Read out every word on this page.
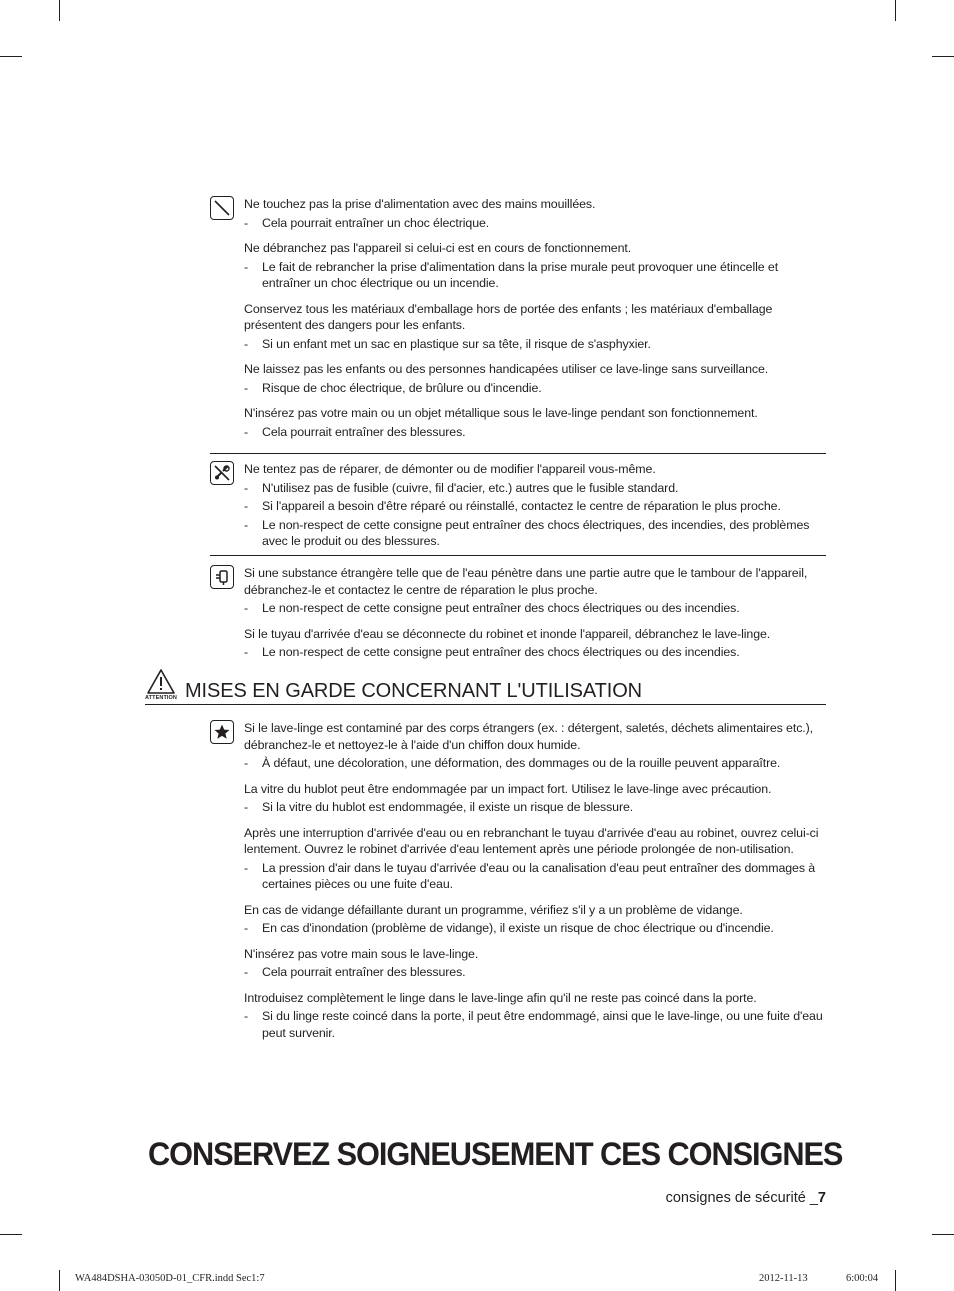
Ne touchez pas la prise d'alimentation avec des mains mouillées.
- Cela pourrait entraîner un choc électrique.
Ne débranchez pas l'appareil si celui-ci est en cours de fonctionnement.
- Le fait de rebrancher la prise d'alimentation dans la prise murale peut provoquer une étincelle et entraîner un choc électrique ou un incendie.
Conservez tous les matériaux d'emballage hors de portée des enfants ; les matériaux d'emballage présentent des dangers pour les enfants.
- Si un enfant met un sac en plastique sur sa tête, il risque de s'asphyxier.
Ne laissez pas les enfants ou des personnes handicapées utiliser ce lave-linge sans surveillance.
- Risque de choc électrique, de brûlure ou d'incendie.
N'insérez pas votre main ou un objet métallique sous le lave-linge pendant son fonctionnement.
- Cela pourrait entraîner des blessures.
Ne tentez pas de réparer, de démonter ou de modifier l'appareil vous-même.
- N'utilisez pas de fusible (cuivre, fil d'acier, etc.) autres que le fusible standard.
- Si l'appareil a besoin d'être réparé ou réinstallé, contactez le centre de réparation le plus proche.
- Le non-respect de cette consigne peut entraîner des chocs électriques, des incendies, des problèmes avec le produit ou des blessures.
Si une substance étrangère telle que de l'eau pénètre dans une partie autre que le tambour de l'appareil, débranchez-le et contactez le centre de réparation le plus proche.
- Le non-respect de cette consigne peut entraîner des chocs électriques ou des incendies.
Si le tuyau d'arrivée d'eau se déconnecte du robinet et inonde l'appareil, débranchez le lave-linge.
- Le non-respect de cette consigne peut entraîner des chocs électriques ou des incendies.
ATTENTION MISES EN GARDE CONCERNANT L'UTILISATION
Si le lave-linge est contaminé par des corps étrangers (ex. : détergent, saletés, déchets alimentaires etc.), débranchez-le et nettoyez-le à l'aide d'un chiffon doux humide.
- À défaut, une décoloration, une déformation, des dommages ou de la rouille peuvent apparaître.
La vitre du hublot peut être endommagée par un impact fort. Utilisez le lave-linge avec précaution.
- Si la vitre du hublot est endommagée, il existe un risque de blessure.
Après une interruption d'arrivée d'eau ou en rebranchant le tuyau d'arrivée d'eau au robinet, ouvrez celui-ci lentement. Ouvrez le robinet d'arrivée d'eau lentement après une période prolongée de non-utilisation.
- La pression d'air dans le tuyau d'arrivée d'eau ou la canalisation d'eau peut entraîner des dommages à certaines pièces ou une fuite d'eau.
En cas de vidange défaillante durant un programme, vérifiez s'il y a un problème de vidange.
- En cas d'inondation (problème de vidange), il existe un risque de choc électrique ou d'incendie.
N'insérez pas votre main sous le lave-linge.
- Cela pourrait entraîner des blessures.
Introduisez complètement le linge dans le lave-linge afin qu'il ne reste pas coincé dans la porte.
- Si du linge reste coincé dans la porte, il peut être endommagé, ainsi que le lave-linge, ou une fuite d'eau peut survenir.
CONSERVEZ SOIGNEUSEMENT CES CONSIGNES
consignes de sécurité _7
WA484DSHA-03050D-01_CFR.indd Sec1:7	2012-11-13	6:00:04
